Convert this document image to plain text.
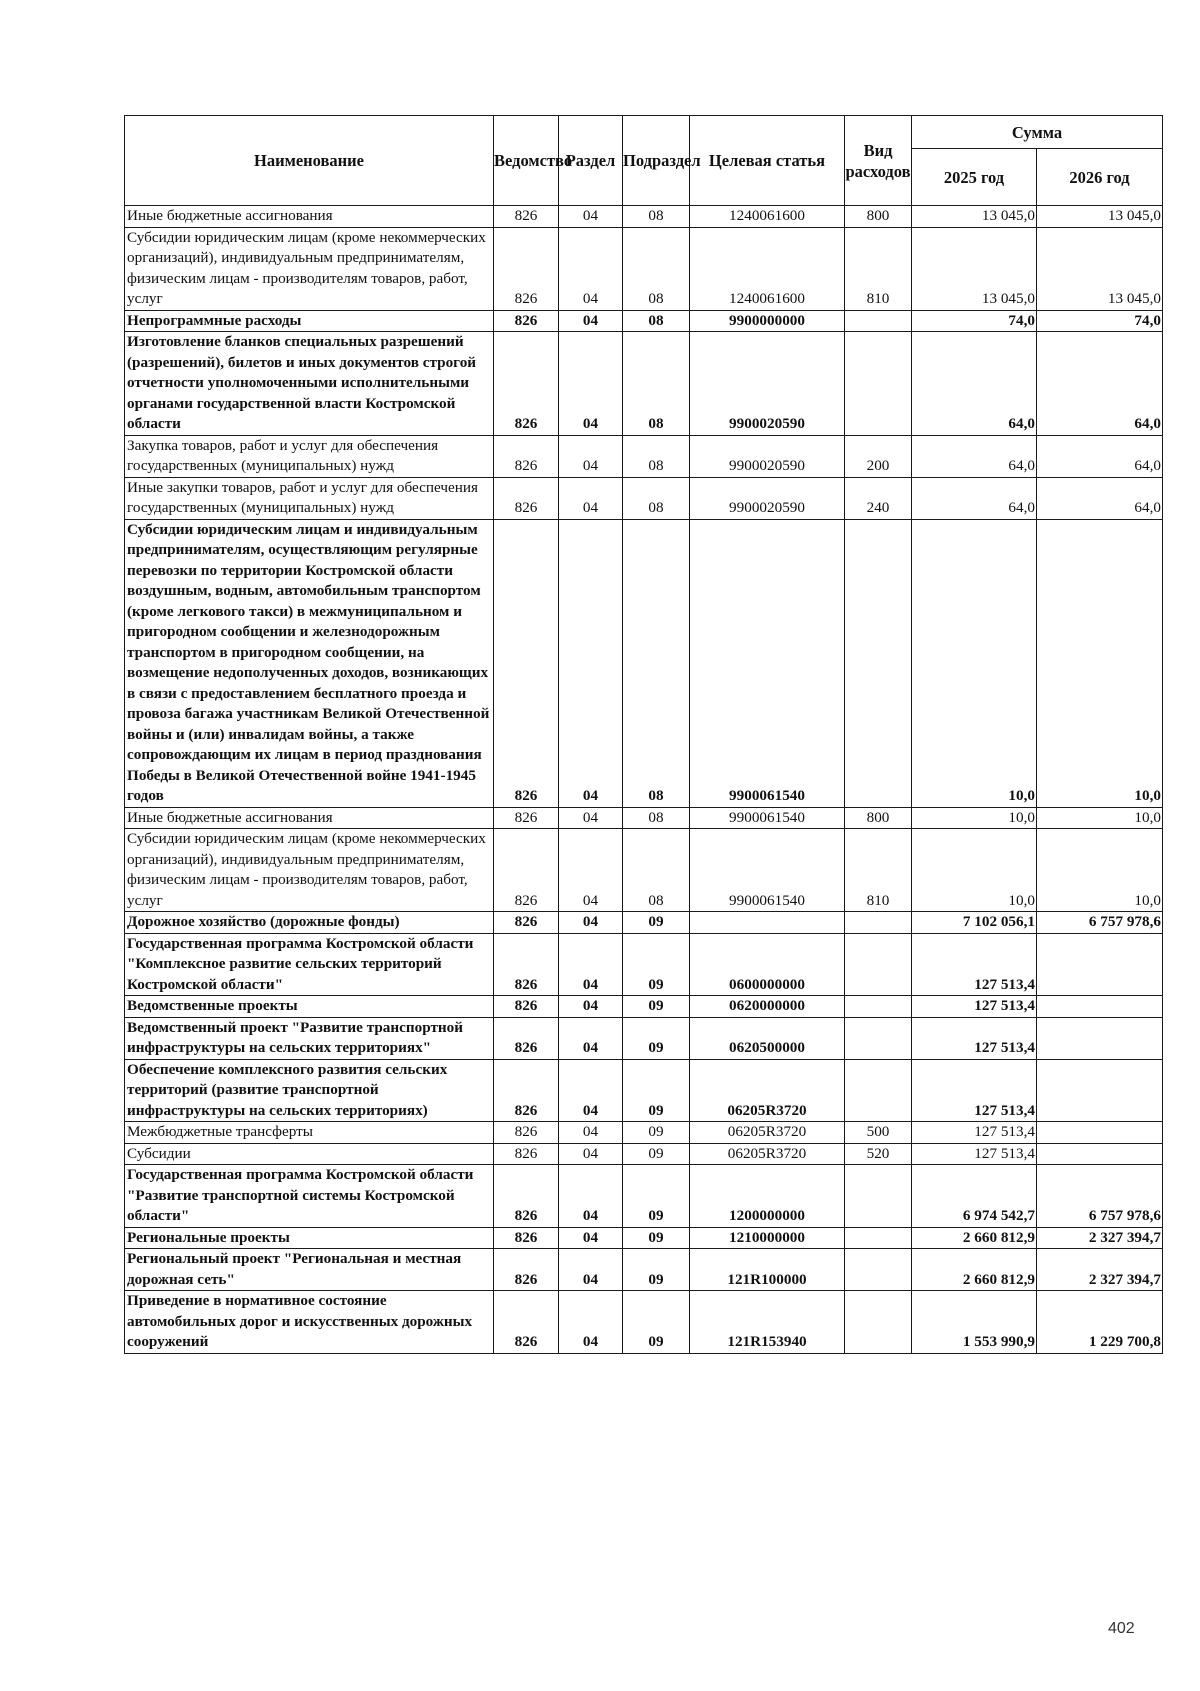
Наименование	Ведомство	Раздел	Подраздел	Целевая статья	Вид расходов	Сумма	
						2025 год	2026 год
Иные бюджетные ассигнования	826	04	08	1240061600	800	13 045,0	13 045,0
Субсидии юридическим лицам (кроме некоммерческих организаций), индивидуальным предпринимателям, физическим лицам - производителям товаров, работ, услуг	826	04	08	1240061600	810	13 045,0	13 045,0
Непрограммные расходы	826	04	08	9900000000		74,0	74,0
Изготовление бланков специальных разрешений (разрешений), билетов и иных документов строгой отчетности уполномоченными исполнительными органами государственной власти Костромской области	826	04	08	9900020590		64,0	64,0
Закупка товаров, работ и услуг для обеспечения государственных (муниципальных) нужд	826	04	08	9900020590	200	64,0	64,0
Иные закупки товаров, работ и услуг для обеспечения государственных (муниципальных) нужд	826	04	08	9900020590	240	64,0	64,0
Субсидии юридическим лицам и индивидуальным предпринимателям, осуществляющим регулярные перевозки по территории Костромской области воздушным, водным, автомобильным транспортом (кроме легкового такси) в межмуниципальном и пригородном сообщении и железнодорожным транспортом в пригородном сообщении, на возмещение недополученных доходов, возникающих в связи с предоставлением бесплатного проезда и провоза багажа участникам Великой Отечественной войны и (или) инвалидам войны, а также сопровождающим их лицам в период празднования Победы в Великой Отечественной войне 1941-1945 годов	826	04	08	9900061540		10,0	10,0
Иные бюджетные ассигнования	826	04	08	9900061540	800	10,0	10,0
Субсидии юридическим лицам (кроме некоммерческих организаций), индивидуальным предпринимателям, физическим лицам - производителям товаров, работ, услуг	826	04	08	9900061540	810	10,0	10,0
Дорожное хозяйство (дорожные фонды)	826	04	09			7 102 056,1	6 757 978,6
Государственная программа Костромской области "Комплексное развитие сельских территорий Костромской области"	826	04	09	0600000000		127 513,4	
Ведомственные проекты	826	04	09	0620000000		127 513,4	
Ведомственный проект "Развитие транспортной инфраструктуры на сельских территориях"	826	04	09	0620500000		127 513,4	
Обеспечение комплексного развития сельских территорий (развитие транспортной инфраструктуры на сельских территориях)	826	04	09	06205R3720		127 513,4	
Межбюджетные трансферты	826	04	09	06205R3720	500	127 513,4	
Субсидии	826	04	09	06205R3720	520	127 513,4	
Государственная программа Костромской области "Развитие транспортной системы Костромской области"	826	04	09	1200000000		6 974 542,7	6 757 978,6
Региональные проекты	826	04	09	1210000000		2 660 812,9	2 327 394,7
Региональный проект "Региональная и местная дорожная сеть"	826	04	09	121R100000		2 660 812,9	2 327 394,7
Приведение в нормативное состояние автомобильных дорог и искусственных дорожных сооружений	826	04	09	121R153940		1 553 990,9	1 229 700,8
402
